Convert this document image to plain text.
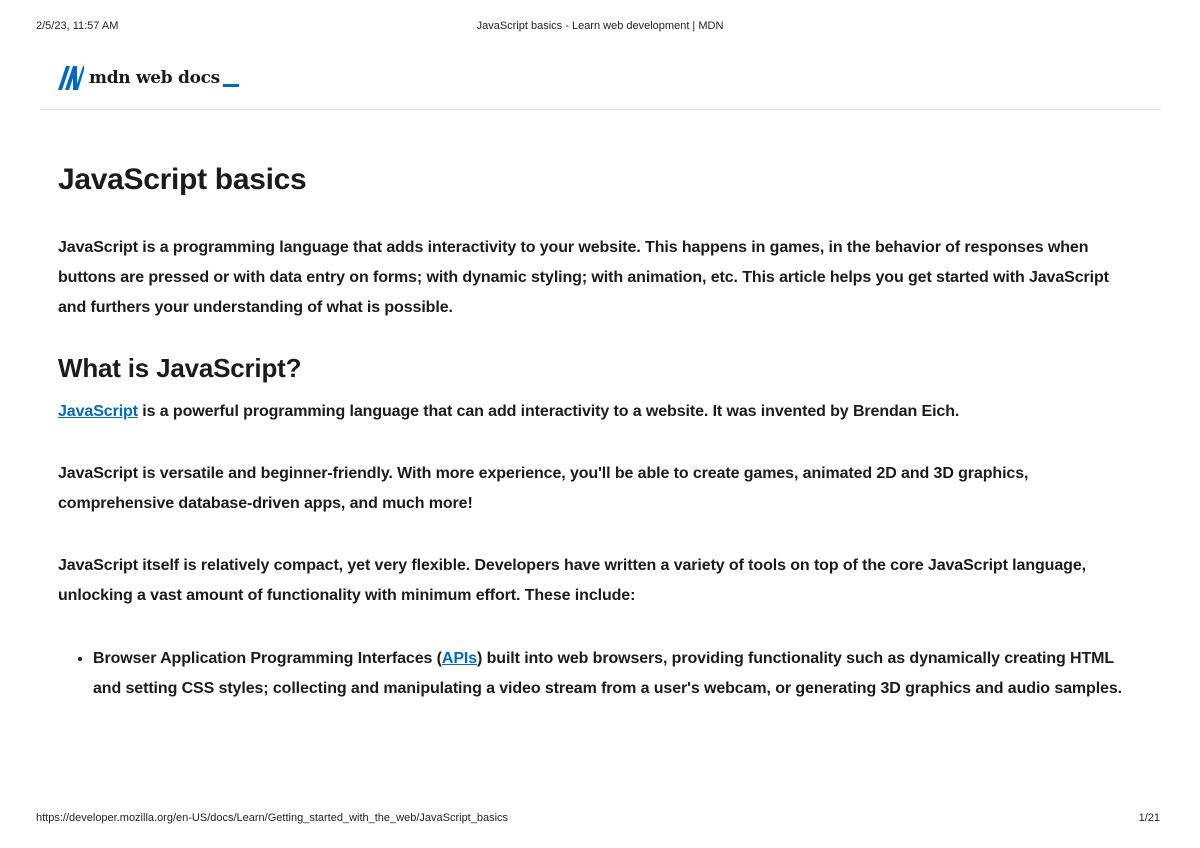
2/5/23, 11:57 AM	JavaScript basics - Learn web development | MDN
mdn web docs
JavaScript basics

JavaScript is a programming language that adds interactivity to your website. This happens in games, in the behavior of responses when buttons are pressed or with data entry on forms; with dynamic styling; with animation, etc. This article helps you get started with JavaScript and furthers your understanding of what is possible.

What is JavaScript?

JavaScript is a powerful programming language that can add interactivity to a website. It was invented by Brendan Eich.

JavaScript is versatile and beginner-friendly. With more experience, you'll be able to create games, animated 2D and 3D graphics, comprehensive database-driven apps, and much more!

JavaScript itself is relatively compact, yet very flexible. Developers have written a variety of tools on top of the core JavaScript language, unlocking a vast amount of functionality with minimum effort. These include:

• Browser Application Programming Interfaces (APIs) built into web browsers, providing functionality such as dynamically creating HTML and setting CSS styles; collecting and manipulating a video stream from a user's webcam, or generating 3D graphics and audio samples.
https://developer.mozilla.org/en-US/docs/Learn/Getting_started_with_the_web/JavaScript_basics	1/21
